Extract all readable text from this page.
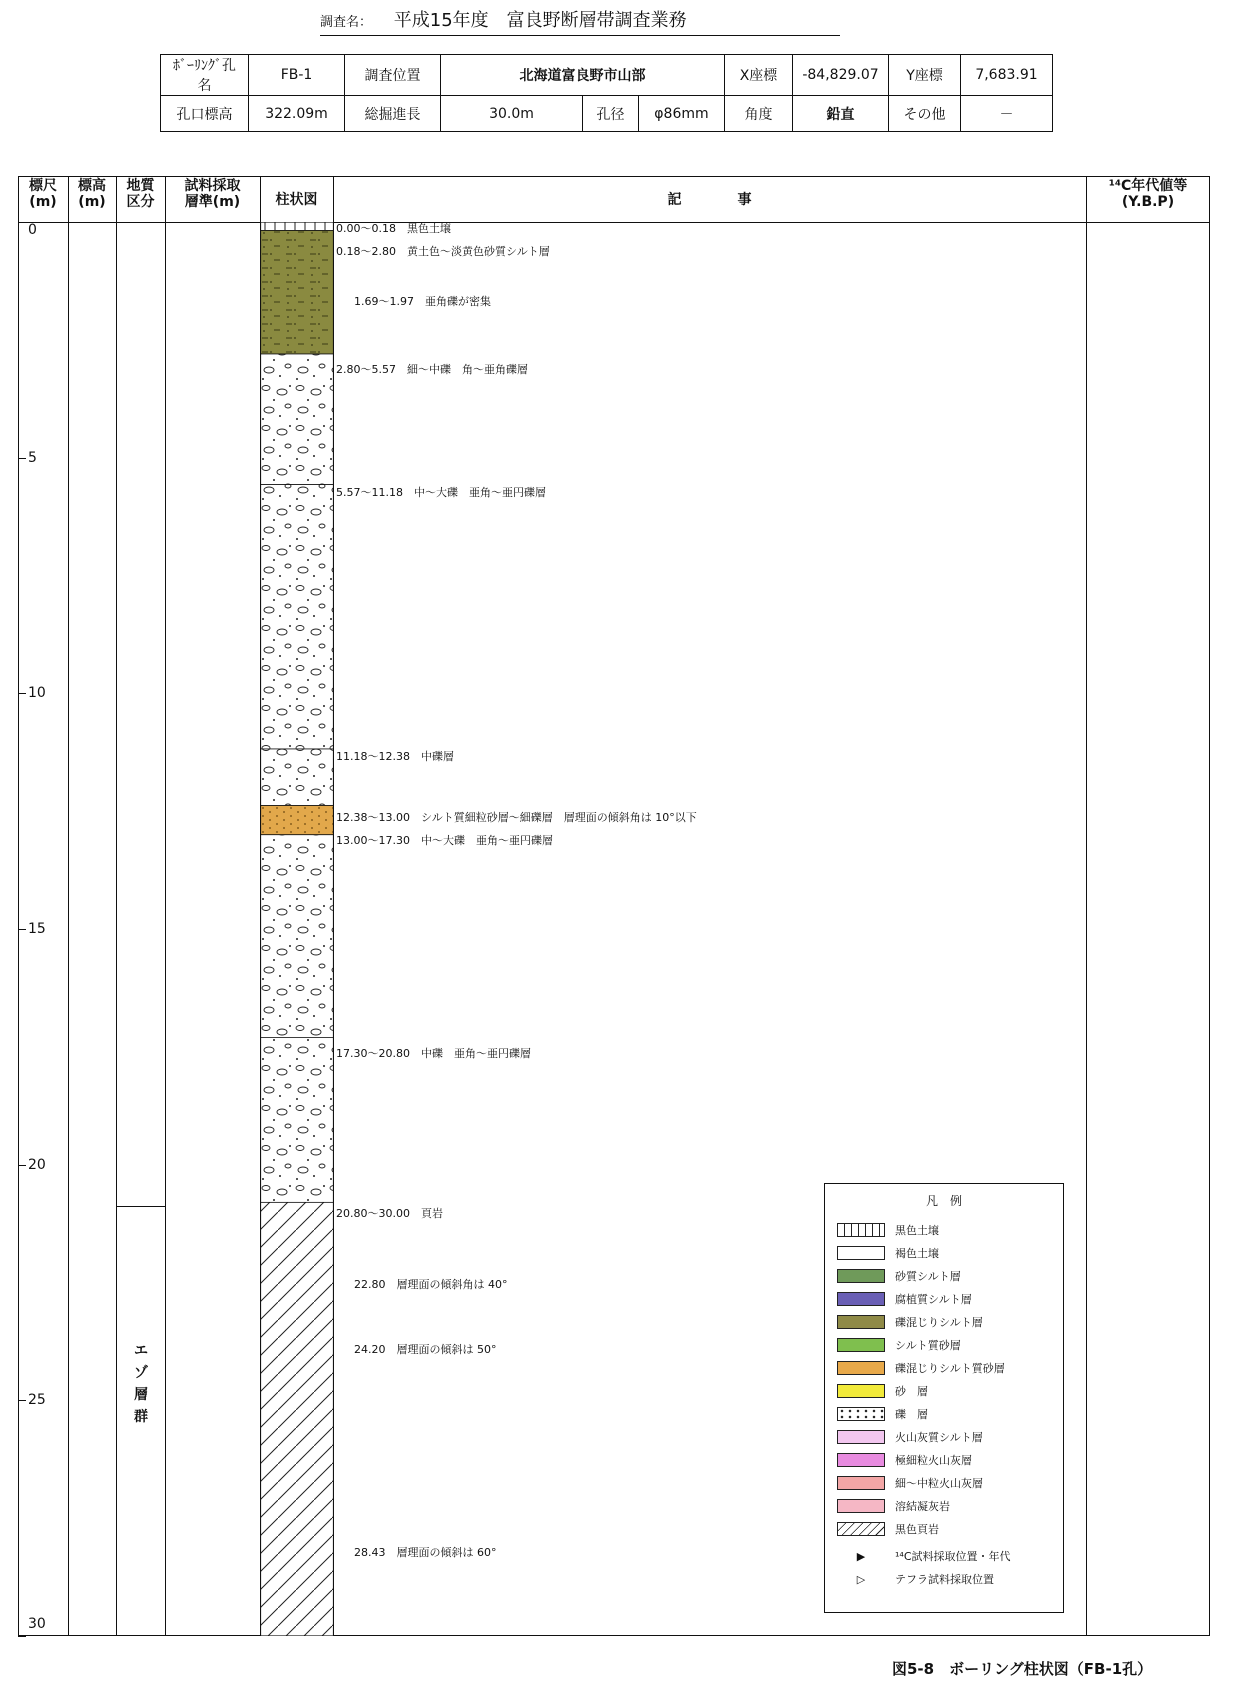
調査名： 平成15年度　富良野断層帯調査業務
ﾎﾞｰﾘﾝｸﾞ孔名	FB-1	調査位置	北海道富良野市山部			X座標	-84,829.07	Y座標	7,683.91
孔口標高	322.09m	総掘進長	30.0m	孔径	φ86mm	角度	鉛直	その他	－
標尺
(m)
標高
(m)
地質
区分
試料採取
層準(m)	柱状図	記　　　　事
¹⁴C年代値等
(Y.B.P)
0
5
10
15
20
25
30
エ
ゾ
層
群
0.00～0.18　黒色土壌
0.18～2.80　黄土色～淡黄色砂質シルト層
1.69～1.97　亜角礫が密集
2.80～5.57　細～中礫　角～亜角礫層
5.57～11.18　中～大礫　亜角～亜円礫層
11.18～12.38　中礫層
12.38～13.00　シルト質細粒砂層～細礫層　層理面の傾斜角は 10°以下
13.00～17.30　中～大礫　亜角～亜円礫層
17.30～20.80　中礫　亜角～亜円礫層
20.80～30.00　頁岩
22.80　層理面の傾斜角は 40°
24.20　層理面の傾斜は 50°
28.43　層理面の傾斜は 60°
凡　例
黒色土壌
褐色土壌
砂質シルト層
腐植質シルト層
礫混じりシルト層
シルト質砂層
礫混じりシルト質砂層
砂　層
礫　層
火山灰質シルト層
極細粒火山灰層
細～中粒火山灰層
溶結凝灰岩
黒色頁岩
▶	¹⁴C試料採取位置・年代
▷	テフラ試料採取位置
図5-8　ボーリング柱状図（FB-1孔）
